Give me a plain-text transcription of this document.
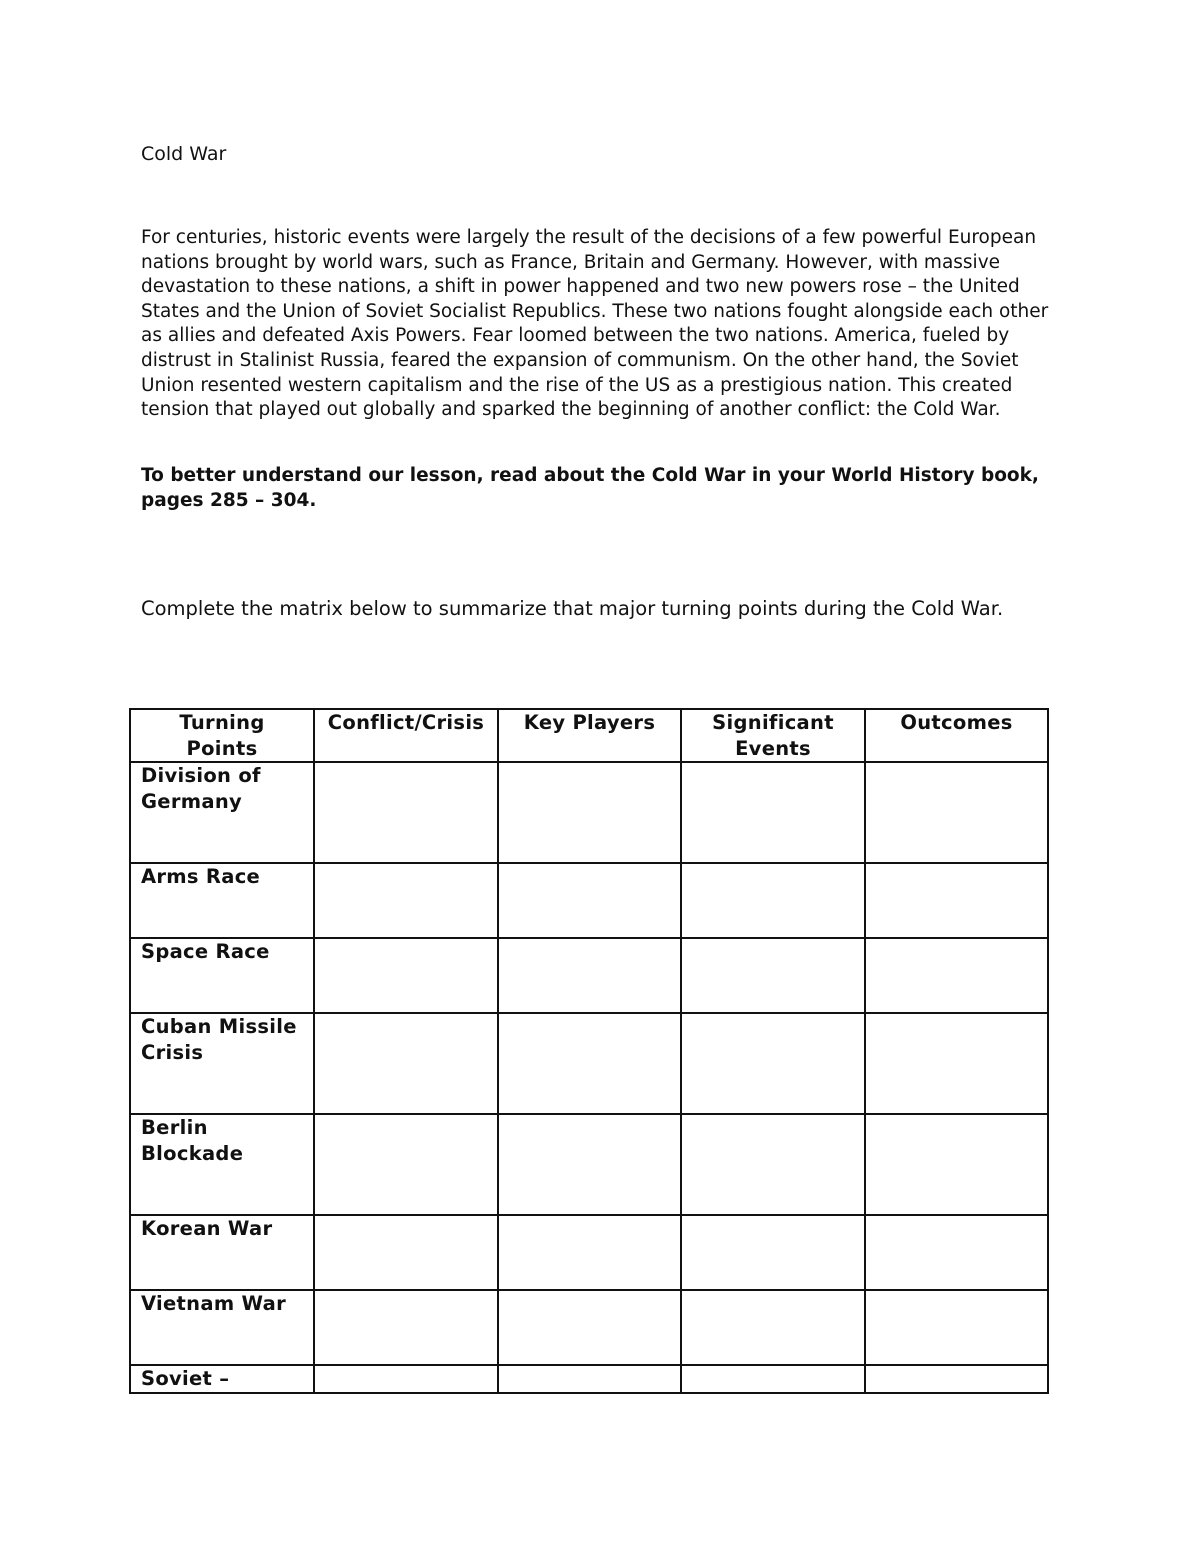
Cold War

For centuries, historic events were largely the result of the decisions of a few powerful European nations brought by world wars, such as France, Britain and Germany. However, with massive devastation to these nations, a shift in power happened and two new powers rose – the United States and the Union of Soviet Socialist Republics. These two nations fought alongside each other as allies and defeated Axis Powers. Fear loomed between the two nations. America, fueled by distrust in Stalinist Russia, feared the expansion of communism. On the other hand, the Soviet Union resented western capitalism and the rise of the US as a prestigious nation. This created tension that played out globally and sparked the beginning of another conflict: the Cold War.

To better understand our lesson, read about the Cold War in your World History book, pages 285 – 304.

Complete the matrix below to summarize that major turning points during the Cold War.

Turning Points	Conflict/Crisis	Key Players	Significant Events	Outcomes
Division of Germany				
Arms Race				
Space Race				
Cuban Missile Crisis				
Berlin Blockade				
Korean War				
Vietnam War				
Soviet –				
